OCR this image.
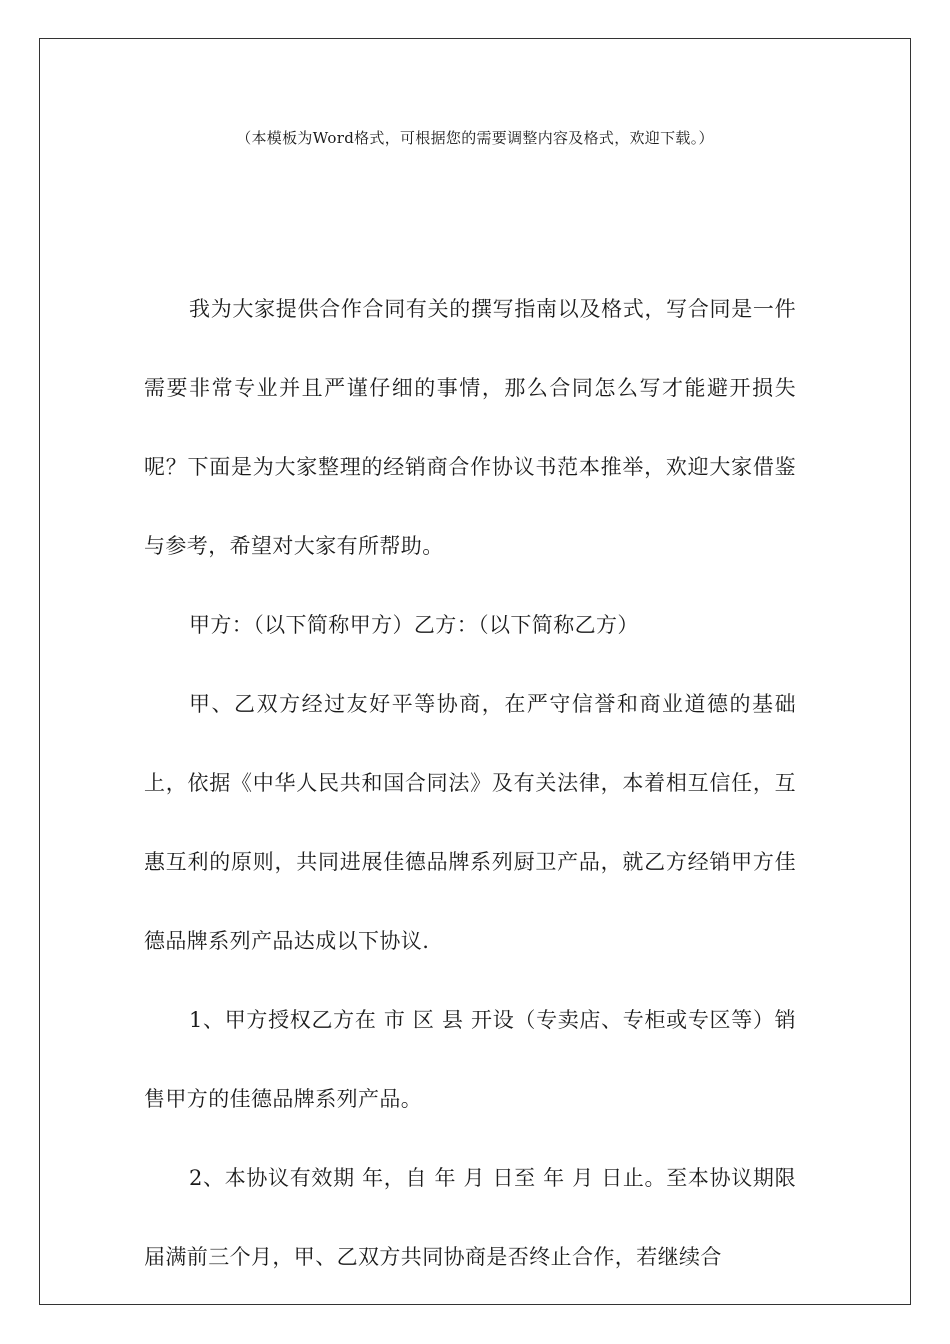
（本模板为Word格式，可根据您的需要调整内容及格式，欢迎下载。）

我为大家提供合作合同有关的撰写指南以及格式，写合同是一件需要非常专业并且严谨仔细的事情，那么合同怎么写才能避开损失呢？下面是为大家整理的经销商合作协议书范本推举，欢迎大家借鉴与参考，希望对大家有所帮助。

甲方：（以下简称甲方）乙方：（以下简称乙方）

甲、乙双方经过友好平等协商，在严守信誉和商业道德的基础上，依据《中华人民共和国合同法》及有关法律，本着相互信任，互惠互利的原则，共同进展佳德品牌系列厨卫产品，就乙方经销甲方佳德品牌系列产品达成以下协议.

1、甲方授权乙方在 市 区 县 开设（专卖店、专柜或专区等）销售甲方的佳德品牌系列产品。

2、本协议有效期 年，自 年 月 日至 年 月 日止。至本协议期限届满前三个月，甲、乙双方共同协商是否终止合作，若继续合
